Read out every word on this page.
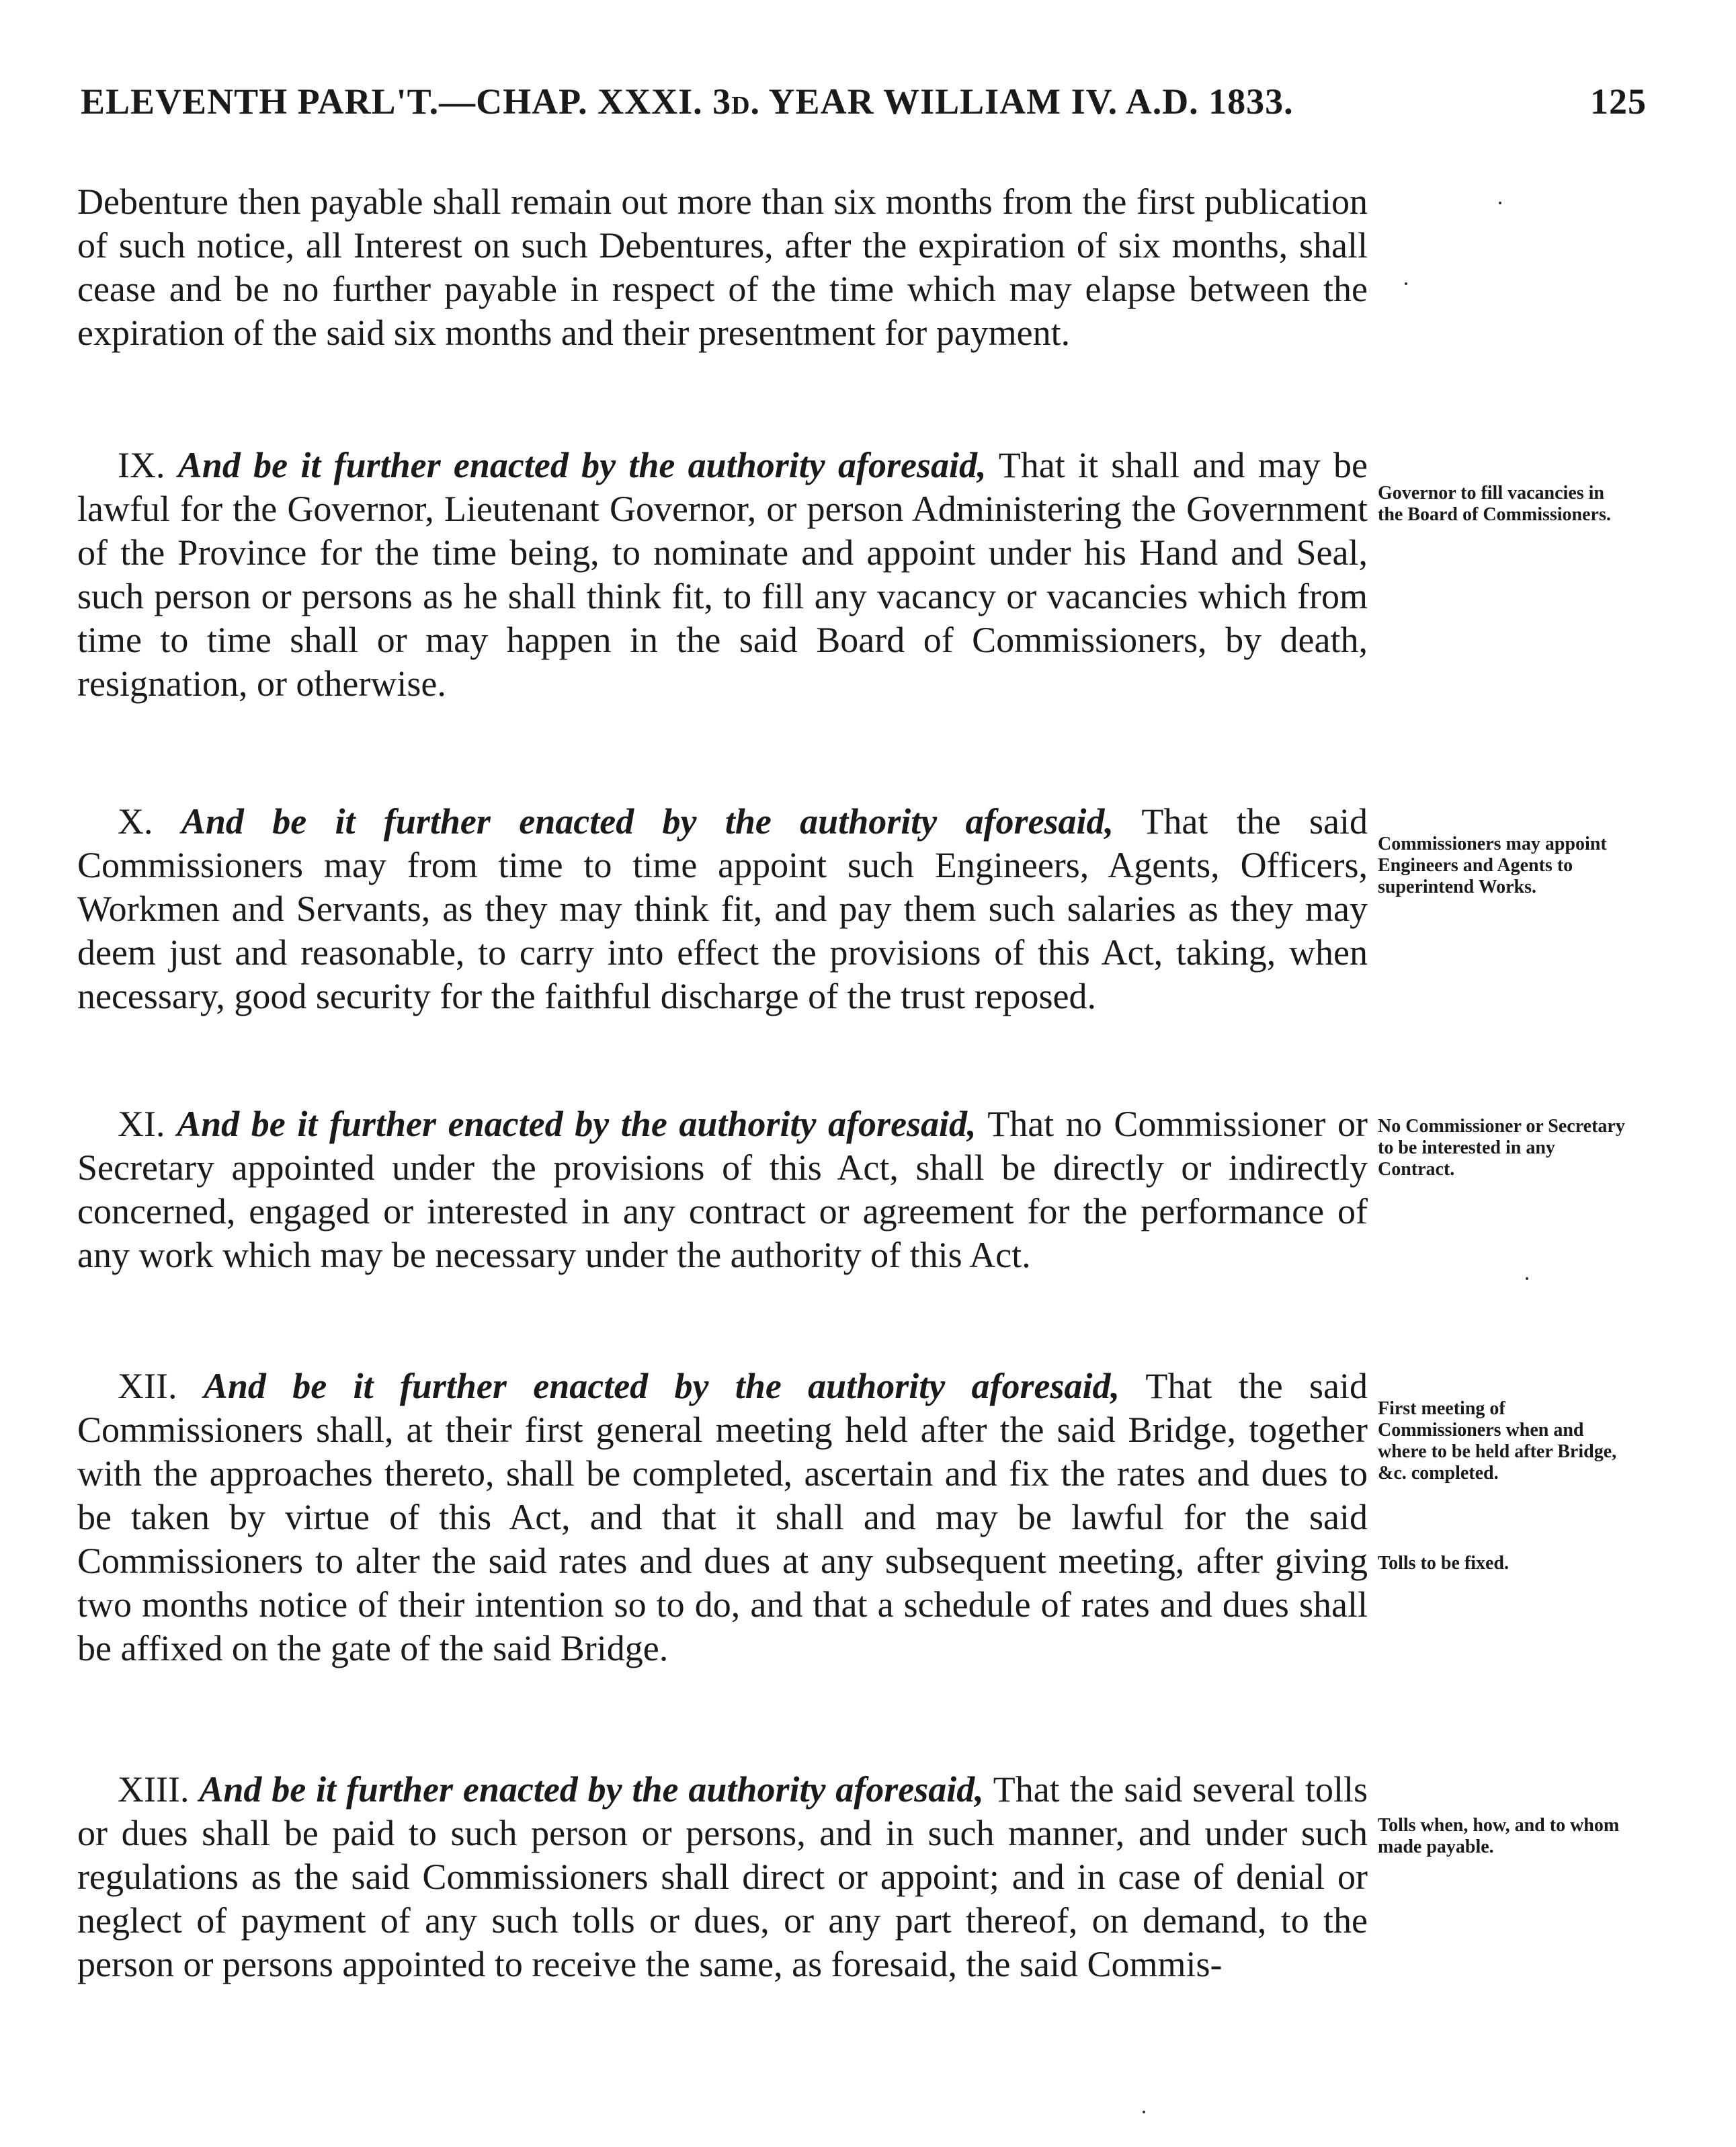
ELEVENTH PARL'T.—CHAP. XXXI. 3d. YEAR WILLIAM IV. A.D. 1833.	125

Debenture then payable shall remain out more than six months from the first publication of such notice, all Interest on such Debentures, after the expiration of six months, shall cease and be no further payable in respect of the time which may elapse between the expiration of the said six months and their presentment for payment.

IX. And be it further enacted by the authority aforesaid, That it shall and may be lawful for the Governor, Lieutenant Governor, or person Administering the Government of the Province for the time being, to nominate and appoint under his Hand and Seal, such person or persons as he shall think fit, to fill any vacancy or vacancies which from time to time shall or may happen in the said Board of Commissioners, by death, resignation, or otherwise.

Governor to fill vacancies in the Board of Commissioners.

X. And be it further enacted by the authority aforesaid, That the said Commissioners may from time to time appoint such Engineers, Agents, Officers, Workmen and Servants, as they may think fit, and pay them such salaries as they may deem just and reasonable, to carry into effect the provisions of this Act, taking, when necessary, good security for the faithful discharge of the trust reposed.

Commissioners may appoint Engineers and Agents to superintend Works.

XI. And be it further enacted by the authority aforesaid, That no Commissioner or Secretary appointed under the provisions of this Act, shall be directly or indirectly concerned, engaged or interested in any contract or agreement for the performance of any work which may be necessary under the authority of this Act.

No Commissioner or Secretary to be interested in any Contract.

XII. And be it further enacted by the authority aforesaid, That the said Commissioners shall, at their first general meeting held after the said Bridge, together with the approaches thereto, shall be completed, ascertain and fix the rates and dues to be taken by virtue of this Act, and that it shall and may be lawful for the said Commissioners to alter the said rates and dues at any subsequent meeting, after giving two months notice of their intention so to do, and that a schedule of rates and dues shall be affixed on the gate of the said Bridge.

First meeting of Commissioners when and where to be held after Bridge, &c. completed.
Tolls to be fixed.

XIII. And be it further enacted by the authority aforesaid, That the said several tolls or dues shall be paid to such person or persons, and in such manner, and under such regulations as the said Commissioners shall direct or appoint; and in case of denial or neglect of payment of any such tolls or dues, or any part thereof, on demand, to the person or persons appointed to receive the same, as foresaid, the said Commis-

Tolls when, how, and to whom made payable.
